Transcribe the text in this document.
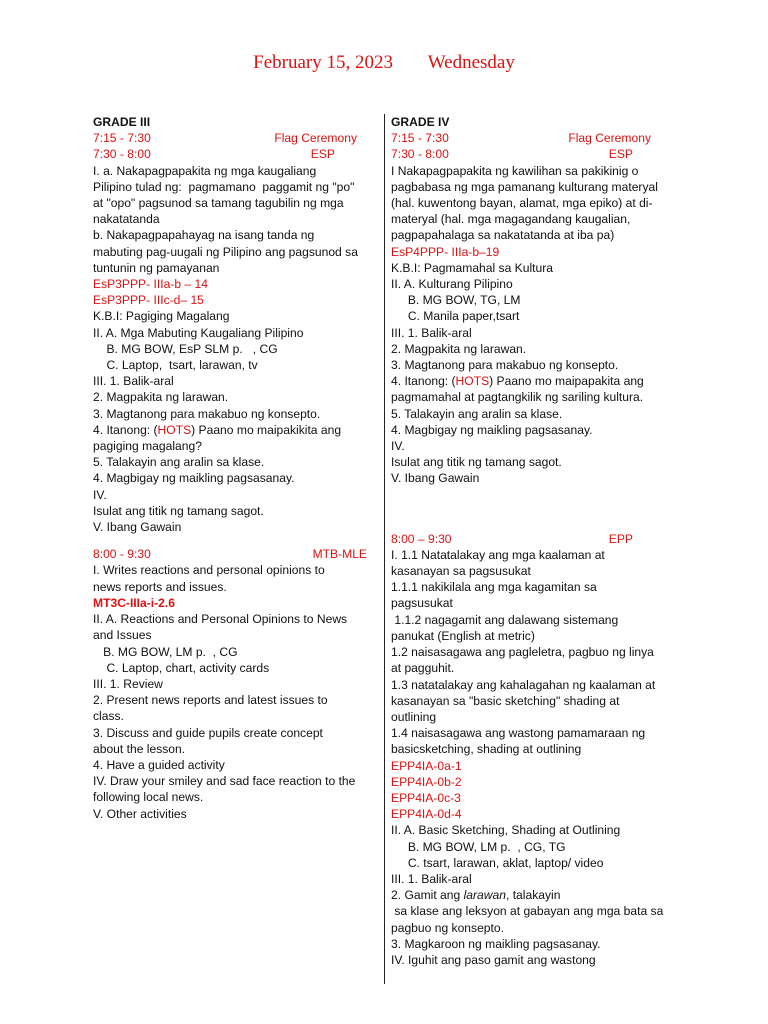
February 15, 2023 Wednesday
GRADE III
7:15 - 7:30	Flag Ceremony
7:30 - 8:00	ESP
I. a. Nakapagpapakita ng mga kaugaliang
Pilipino tulad ng:  pagmamano  paggamit ng "po"
at "opo" pagsunod sa tamang tagubilin ng mga
nakatatanda
b. Nakapagpapahayag na isang tanda ng
mabuting pag-uugali ng Pilipino ang pagsunod sa
tuntunin ng pamayanan
EsP3PPP- IIIa-b – 14
EsP3PPP- IIIc-d– 15
K.B.I: Pagiging Magalang
II. A. Mga Mabuting Kaugaliang Pilipino
B. MG BOW, EsP SLM p.   , CG
C. Laptop,  tsart, larawan, tv
III. 1. Balik-aral
2. Magpakita ng larawan.
3. Magtanong para makabuo ng konsepto.
4. Itanong: (HOTS) Paano mo maipakikita ang
pagiging magalang?
5. Talakayin ang aralin sa klase.
4. Magbigay ng maikling pagsasanay.
IV.
Isulat ang titik ng tamang sagot.
V. Ibang Gawain
8:00 - 9:30	MTB-MLE
I. Writes reactions and personal opinions to
news reports and issues.
MT3C-IIIa-i-2.6
II. A. Reactions and Personal Opinions to News
and Issues
B. MG BOW, LM p.  , CG
C. Laptop, chart, activity cards
III. 1. Review
2. Present news reports and latest issues to
class.
3. Discuss and guide pupils create concept
about the lesson.
4. Have a guided activity
IV. Draw your smiley and sad face reaction to the
following local news.
V. Other activities
GRADE IV
7:15 - 7:30	Flag Ceremony
7:30 - 8:00	ESP
I Nakapagpapakita ng kawilihan sa pakikinig o
pagbabasa ng mga pamanang kulturang materyal
(hal. kuwentong bayan, alamat, mga epiko) at di-
materyal (hal. mga magagandang kaugalian,
pagpapahalaga sa nakatatanda at iba pa)
EsP4PPP- IIIa-b–19
K.B.I: Pagmamahal sa Kultura
II. A. Kulturang Pilipino
B. MG BOW, TG, LM
C. Manila paper,tsart
III. 1. Balik-aral
2. Magpakita ng larawan.
3. Magtanong para makabuo ng konsepto.
4. Itanong: (HOTS) Paano mo maipapakita ang
pagmamahal at pagtangkilik ng sariling kultura.
5. Talakayin ang aralin sa klase.
4. Magbigay ng maikling pagsasanay.
IV.
Isulat ang titik ng tamang sagot.
V. Ibang Gawain
8:00 – 9:30	EPP
I. 1.1 Natatalakay ang mga kaalaman at
kasanayan sa pagsusukat
1.1.1 nakikilala ang mga kagamitan sa
pagsusukat
1.1.2 nagagamit ang dalawang sistemang
panukat (English at metric)
1.2 naisasagawa ang pagleletra, pagbuo ng linya
at pagguhit.
1.3 natatalakay ang kahalagahan ng kaalaman at
kasanayan sa "basic sketching" shading at
outlining
1.4 naisasagawa ang wastong pamamaraan ng
basicsketching, shading at outlining
EPP4IA-0a-1
EPP4IA-0b-2
EPP4IA-0c-3
EPP4IA-0d-4
II. A. Basic Sketching, Shading at Outlining
B. MG BOW, LM p.  , CG, TG
C. tsart, larawan, aklat, laptop/ video
III. 1. Balik-aral
2. Gamit ang larawan, talakayin
sa klase ang leksyon at gabayan ang mga bata sa
pagbuo ng konsepto.
3. Magkaroon ng maikling pagsasanay.
IV. Iguhit ang paso gamit ang wastong
